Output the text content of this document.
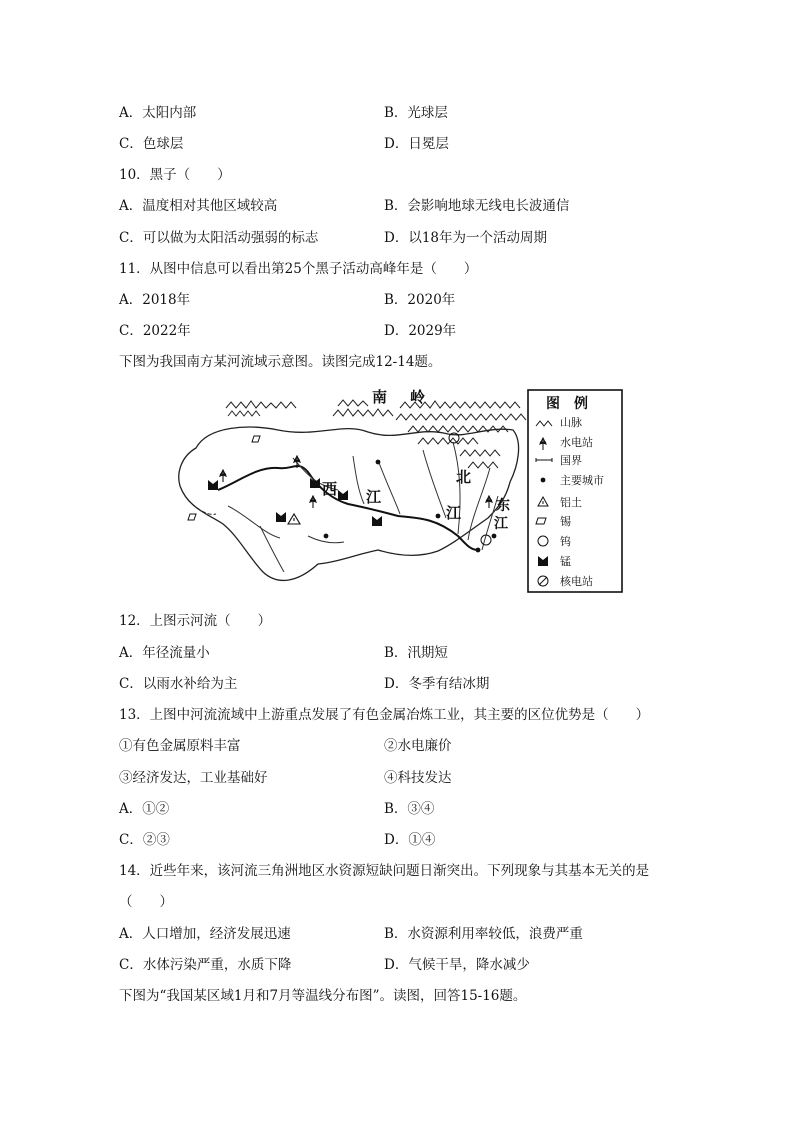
A．太阳内部	B．光球层
C．色球层	D．日冕层
10．黑子（　　）
A．温度相对其他区域较高	B．会影响地球无线电长波通信
C．可以做为太阳活动强弱的标志	D．以18年为一个活动周期
11．从图中信息可以看出第25个黑子活动高峰年是（　　）
A．2018年	B．2020年
C．2022年	D．2029年
下图为我国南方某河流域示意图。读图完成12-14题。
南 岭
西 江
北
江 东
江
图　例
山脉
水电站
国界
主要城市
铝土
锡
钨
锰
核电站
12．上图示河流（　　）
A．年径流量小	B．汛期短
C．以雨水补给为主	D．冬季有结冰期
13．上图中河流流域中上游重点发展了有色金属冶炼工业，其主要的区位优势是（　　）
①有色金属原料丰富	②水电廉价
③经济发达，工业基础好	④科技发达
A．①②	B．③④
C．②③	D．①④
14．近些年来，该河流三角洲地区水资源短缺问题日渐突出。下列现象与其基本无关的是
（　　）
A．人口增加，经济发展迅速	B．水资源利用率较低，浪费严重
C．水体污染严重，水质下降	D．气候干旱，降水减少
下图为“我国某区域1月和7月等温线分布图”。读图，回答15-16题。
